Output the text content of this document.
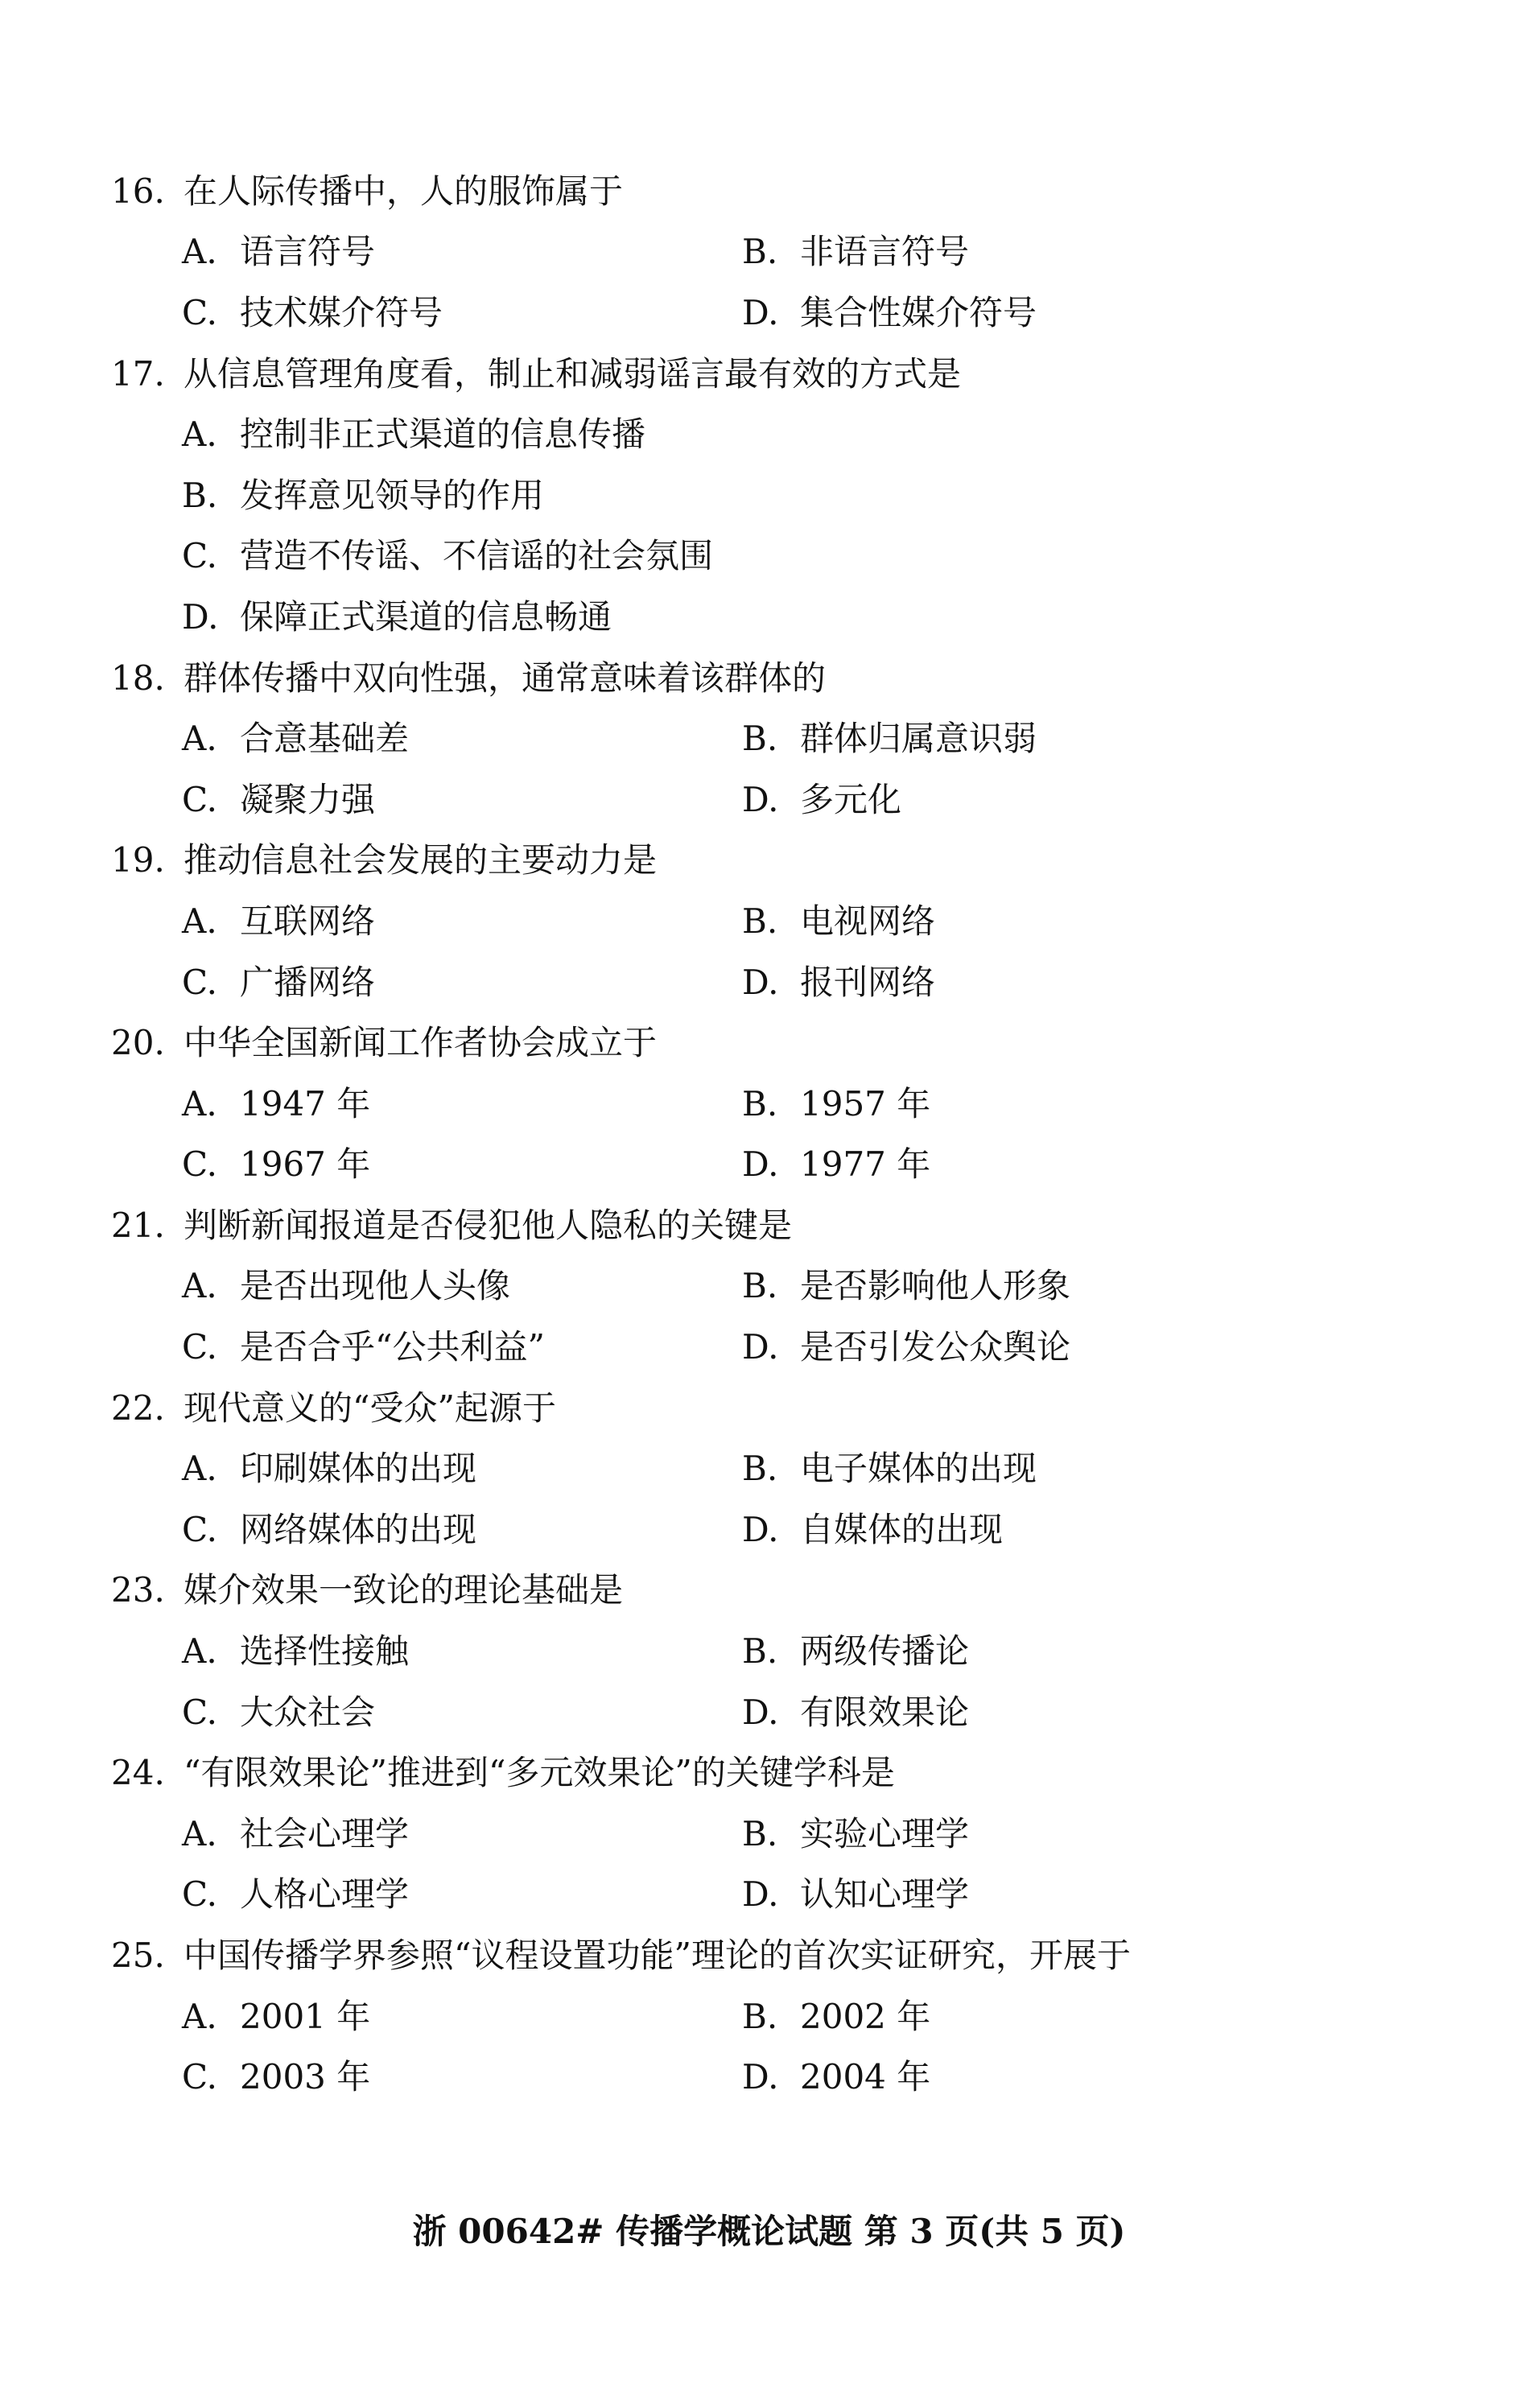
16. 在人际传播中，人的服饰属于
A. 语言符号	B. 非语言符号
C. 技术媒介符号	D. 集合性媒介符号
17. 从信息管理角度看，制止和减弱谣言最有效的方式是
A. 控制非正式渠道的信息传播
B. 发挥意见领导的作用
C. 营造不传谣、不信谣的社会氛围
D. 保障正式渠道的信息畅通
18. 群体传播中双向性强，通常意味着该群体的
A. 合意基础差	B. 群体归属意识弱
C. 凝聚力强	D. 多元化
19. 推动信息社会发展的主要动力是
A. 互联网络	B. 电视网络
C. 广播网络	D. 报刊网络
20. 中华全国新闻工作者协会成立于
A. 1947 年	B. 1957 年
C. 1967 年	D. 1977 年
21. 判断新闻报道是否侵犯他人隐私的关键是
A. 是否出现他人头像	B. 是否影响他人形象
C. 是否合乎“公共利益”	D. 是否引发公众舆论
22. 现代意义的“受众”起源于
A. 印刷媒体的出现	B. 电子媒体的出现
C. 网络媒体的出现	D. 自媒体的出现
23. 媒介效果一致论的理论基础是
A. 选择性接触	B. 两级传播论
C. 大众社会	D. 有限效果论
24. “有限效果论”推进到“多元效果论”的关键学科是
A. 社会心理学	B. 实验心理学
C. 人格心理学	D. 认知心理学
25. 中国传播学界参照“议程设置功能”理论的首次实证研究，开展于
A. 2001 年	B. 2002 年
C. 2003 年	D. 2004 年
浙 00642# 传播学概论试题 第 3 页(共 5 页)
